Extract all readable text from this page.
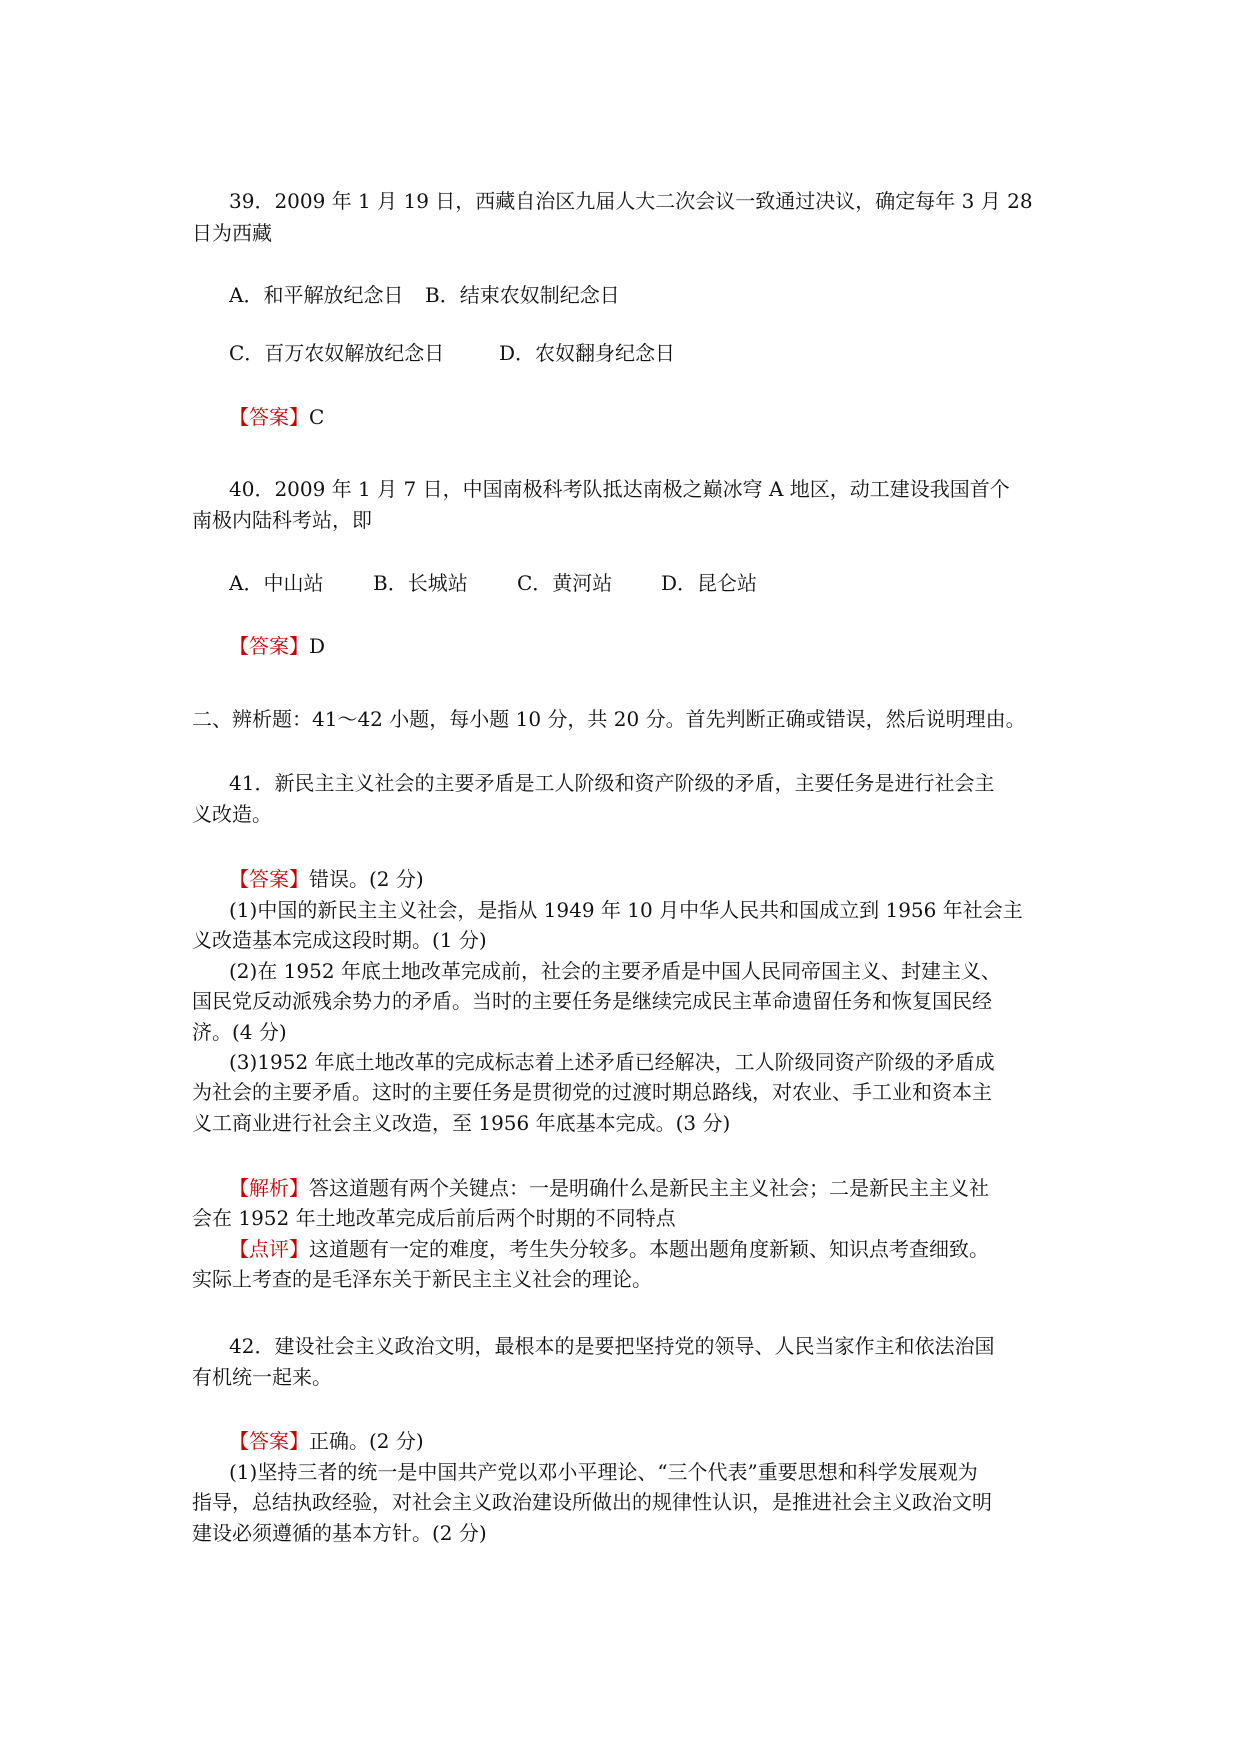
39．2009 年 1 月 19 日，西藏自治区九届人大二次会议一致通过决议，确定每年 3 月 28
日为西藏
A．和平解放纪念日 B．结束农奴制纪念日
C．百万农奴解放纪念日	D．农奴翻身纪念日
【答案】C
40．2009 年 1 月 7 日，中国南极科考队抵达南极之巅冰穹 A 地区，动工建设我国首个
南极内陆科考站，即
A．中山站 B．长城站 C．黄河站 D．昆仑站
【答案】D
二、辨析题：41～42 小题，每小题 10 分，共 20 分。首先判断正确或错误，然后说明理由。
41．新民主主义社会的主要矛盾是工人阶级和资产阶级的矛盾，主要任务是进行社会主
义改造。
【答案】错误。(2 分)
(1)中国的新民主主义社会，是指从 1949 年 10 月中华人民共和国成立到 1956 年社会主
义改造基本完成这段时期。(1 分)
(2)在 1952 年底土地改革完成前，社会的主要矛盾是中国人民同帝国主义、封建主义、
国民党反动派残余势力的矛盾。当时的主要任务是继续完成民主革命遗留任务和恢复国民经
济。(4 分)
(3)1952 年底土地改革的完成标志着上述矛盾已经解决，工人阶级同资产阶级的矛盾成
为社会的主要矛盾。这时的主要任务是贯彻党的过渡时期总路线，对农业、手工业和资本主
义工商业进行社会主义改造，至 1956 年底基本完成。(3 分)
【解析】答这道题有两个关键点：一是明确什么是新民主主义社会；二是新民主主义社
会在 1952 年土地改革完成后前后两个时期的不同特点
【点评】这道题有一定的难度，考生失分较多。本题出题角度新颖、知识点考查细致。
实际上考查的是毛泽东关于新民主主义社会的理论。
42．建设社会主义政治文明，最根本的是要把坚持党的领导、人民当家作主和依法治国
有机统一起来。
【答案】正确。(2 分)
(1)坚持三者的统一是中国共产党以邓小平理论、“三个代表”重要思想和科学发展观为
指导，总结执政经验，对社会主义政治建设所做出的规律性认识，是推进社会主义政治文明
建设必须遵循的基本方针。(2 分)
